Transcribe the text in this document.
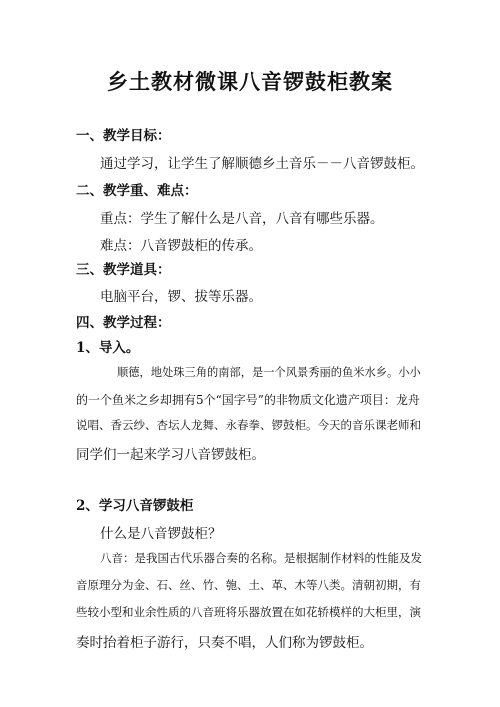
乡土教材微课八音锣鼓柜教案
一、教学目标：
通过学习，让学生了解顺德乡土音乐－－八音锣鼓柜。
二、教学重、难点：
重点：学生了解什么是八音，八音有哪些乐器。
难点：八音锣鼓柜的传承。
三、教学道具：
电脑平台，锣、拔等乐器。
四、教学过程：
1、导入。
顺德，地处珠三角的南部，是一个风景秀丽的鱼米水乡。小小
的一个鱼米之乡却拥有5个“国字号”的非物质文化遗产项目：龙舟
说唱、香云纱、杏坛人龙舞、永春拳、锣鼓柜。今天的音乐课老师和
同学们一起来学习八音锣鼓柜。
2、学习八音锣鼓柜
什么是八音锣鼓柜？
八音：是我国古代乐器合奏的名称。是根据制作材料的性能及发
音原理分为金、石、丝、竹、匏、土、革、木等八类。清朝初期，有
些较小型和业余性质的八音班将乐器放置在如花轿模样的大柜里，演
奏时抬着柜子游行，只奏不唱，人们称为锣鼓柜。
